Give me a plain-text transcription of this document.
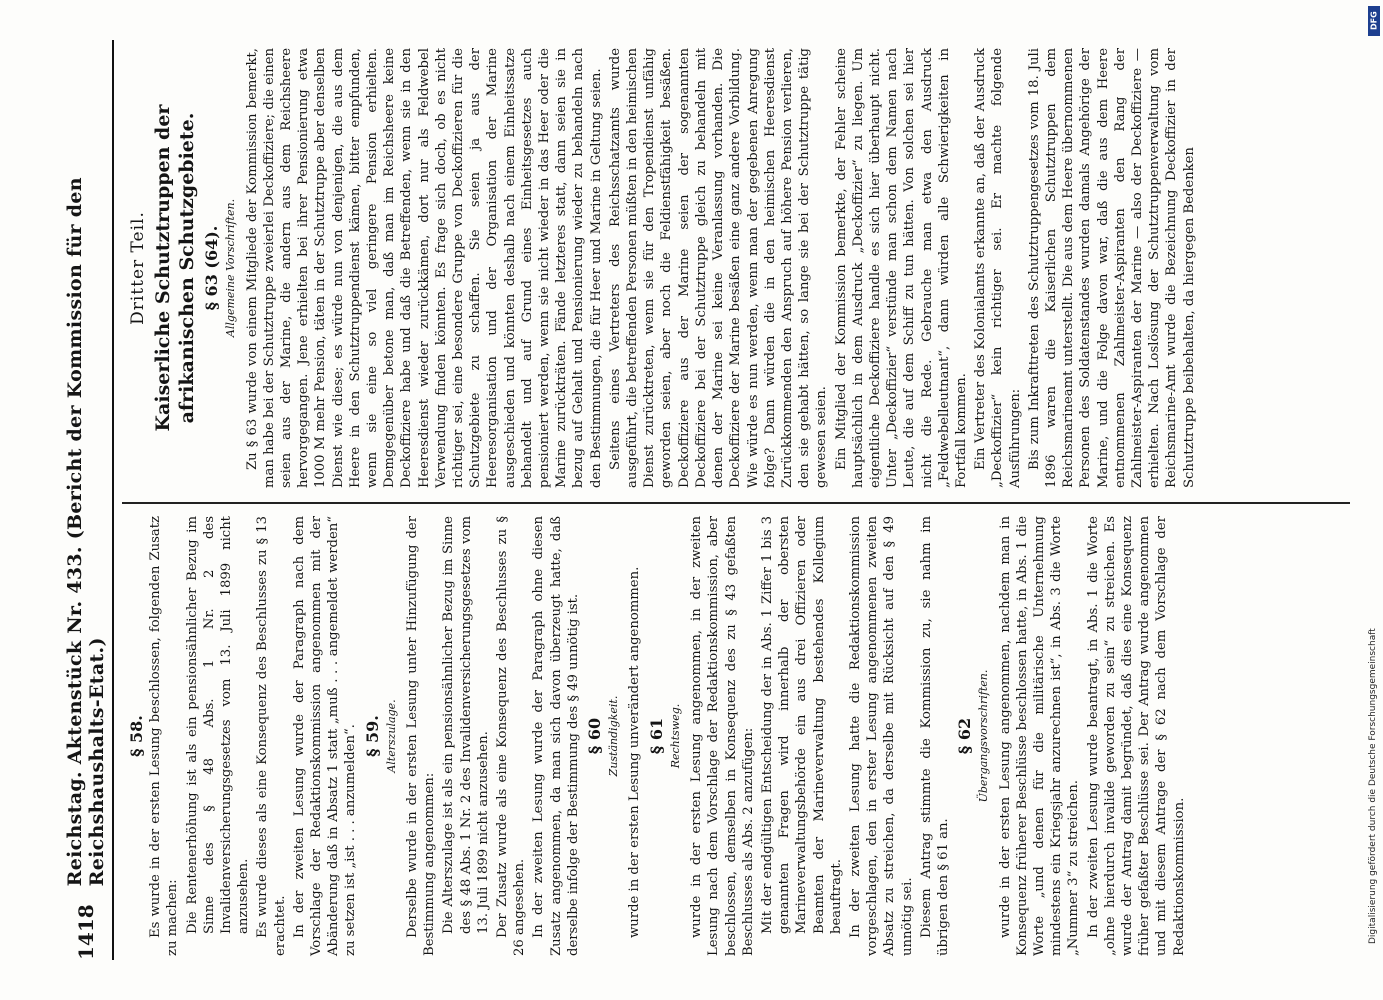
1418
Reichstag. Aktenstück Nr. 433. (Bericht der Kommission für den Reichshaushalts-Etat.) § 58. Es wurde in der ersten Lesung beschlossen, folgenden Zusatz zu machen: Die Rentenerhöhung ist als ein pensionsähnlicher Bezug im Sinne des § 48 Abs. 1 Nr. 2 des Invalidenversicherungsgesetzes vom 13. Juli 1899 nicht anzusehen. Es wurde dieses als eine Konsequenz des Beschlusses zu § 13 erachtet. In der zweiten Lesung wurde der Paragraph nach dem Vorschlage der Redaktionskommission angenommen mit der Abänderung daß in Absatz 1 statt „muß . . . angemeldet werden“ zu setzen ist „ist . . . anzumelden“. § 59. Alterszulage. Derselbe wurde in der ersten Lesung unter Hinzufügung der Bestimmung angenommen: Die Alterszulage ist als ein pensionsähnlicher Bezug im Sinne des § 48 Abs. 1 Nr. 2 des Invalidenversicherungsgesetzes vom 13. Juli 1899 nicht anzusehen. Der Zusatz wurde als eine Konsequenz des Beschlusses zu § 26 angesehen. In der zweiten Lesung wurde der Paragraph ohne diesen Zusatz angenommen, da man sich davon überzeugt hatte, daß derselbe infolge der Bestimmung des § 49 unnötig ist. § 60 Zuständigkeit. wurde in der ersten Lesung unverändert angenommen. § 61 Rechtsweg. wurde in der ersten Lesung angenommen, in der zweiten Lesung nach dem Vorschlage der Redaktionskommission, aber beschlossen, demselben in Konsequenz des zu § 43 gefaßten Beschlusses als Abs. 2 anzufügen: Mit der endgültigen Entscheidung der in Abs. 1 Ziffer 1 bis 3 genannten Fragen wird innerhalb der obersten Marineverwaltungsbehörde ein aus drei Offizieren oder Beamten der Marineverwaltung bestehendes Kollegium beauftragt. In der zweiten Lesung hatte die Redaktionskommission vorgeschlagen, den in erster Lesung angenommenen zweiten Absatz zu streichen, da derselbe mit Rücksicht auf den § 49 unnötig sei. Diesem Antrag stimmte die Kommission zu, sie nahm im übrigen den § 61 an.

§ 62 Übergangsvorschriften. wurde in der ersten Lesung angenommen, nachdem man in Konsequenz früherer Beschlüsse beschlossen hatte, in Abs. 1 die Worte „und denen für die militärische Unternehmung mindestens ein Kriegsjahr anzurechnen ist“, in Abs. 3 die Worte „Nummer 3“ zu streichen. In der zweiten Lesung wurde beantragt, in Abs. 1 die Worte „ohne hierdurch invalide geworden zu sein“ zu streichen. Es wurde der Antrag damit begründet, daß dies eine Konsequenz früher gefaßter Beschlüsse sei. Der Antrag wurde angenommen und mit diesem Antrage der § 62 nach dem Vorschlage der Redaktionskommission.

Dritter Teil. Kaiserliche Schutztruppen der afrikanischen Schutzgebiete. § 63 (64). Allgemeine Vorschriften. Zu § 63 wurde von einem Mitgliede der Kommission bemerkt, man habe bei der Schutztruppe zweierlei Deckoffiziere; die einen seien aus der Marine, die andern aus dem Reichsheere hervorgegangen. Jene erhielten bei ihrer Pensionierung etwa 1000 M mehr Pension, täten in der Schutztruppe aber denselben Dienst wie diese; es würde nun von denjenigen, die aus dem Heere in den Schutztruppendienst kämen, bitter empfunden, wenn sie eine so viel geringere Pension erhielten. Demgegenüber betone man, daß man im Reichsheere keine Deckoffiziere habe und daß die Betreffenden, wenn sie in den Heeresdienst wieder zurückkämen, dort nur als Feldwebel Verwendung finden könnten. Es frage sich doch, ob es nicht richtiger sei, eine besondere Gruppe von Deckoffizieren für die Schutzgebiete zu schaffen. Sie seien ja aus der Heeresorganisation und der Organisation der Marine ausgeschieden und könnten deshalb nach einem Einheitssatze behandelt und auf Grund eines Einheitsgesetzes auch pensioniert werden, wenn sie nicht wieder in das Heer oder die Marine zurückträten. Fände letzteres statt, dann seien sie in bezug auf Gehalt und Pensionierung wieder zu behandeln nach den Bestimmungen, die für Heer und Marine in Geltung seien. Seitens eines Vertreters des Reichsschatzamts wurde ausgeführt, die betreffenden Personen müßten in den heimischen Dienst zurücktreten, wenn sie für den Tropendienst unfähig geworden seien, aber noch die Feldienstfähigkeit besäßen. Deckoffiziere aus der Marine seien der sogenannten Deckoffiziere bei der Schutztruppe gleich zu behandeln mit denen der Marine sei keine Veranlassung vorhanden. Die Deckoffiziere der Marine besäßen eine ganz andere Vorbildung. Wie würde es nun werden, wenn man der gegebenen Anregung folge? Dann würden die in den heimischen Heeresdienst Zurückkommenden den Anspruch auf höhere Pension verlieren, den sie gehabt hätten, so lange sie bei der Schutztruppe tätig gewesen seien. Ein Mitglied der Kommission bemerkte, der Fehler scheine hauptsächlich in dem Ausdruck „Deckoffizier“ zu liegen. Um eigentliche Deckoffiziere handle es sich hier überhaupt nicht. Unter „Deckoffizier“ verstünde man schon dem Namen nach Leute, die auf dem Schiff zu tun hätten. Von solchen sei hier nicht die Rede. Gebrauche man etwa den Ausdruck „Feldwebelleutnant“, dann würden alle Schwierigkeiten in Fortfall kommen. Ein Vertreter des Kolonialamts erkannte an, daß der Ausdruck „Deckoffizier“ kein richtiger sei. Er machte folgende Ausführungen: Bis zum Inkrafttreten des Schutztruppengesetzes vom 18. Juli 1896 waren die Kaiserlichen Schutztruppen dem Reichsmarineamt unterstellt. Die aus dem Heere übernommenen Personen des Soldatenstandes wurden damals Angehörige der Marine, und die Folge davon war, daß die aus dem Heere entnommenen Zahlmeister-Aspiranten den Rang der Zahlmeister-Aspiranten der Marine — also der Deckoffiziere — erhielten. Nach Loslösung der Schutztruppenverwaltung vom Reichsmarine-Amt wurde die Bezeichnung Deckoffizier in der Schutztruppe beibehalten, da hiergegen Bedenken

DFG
Digitalisierung gefördert durch die Deutsche Forschungsgemeinschaft
